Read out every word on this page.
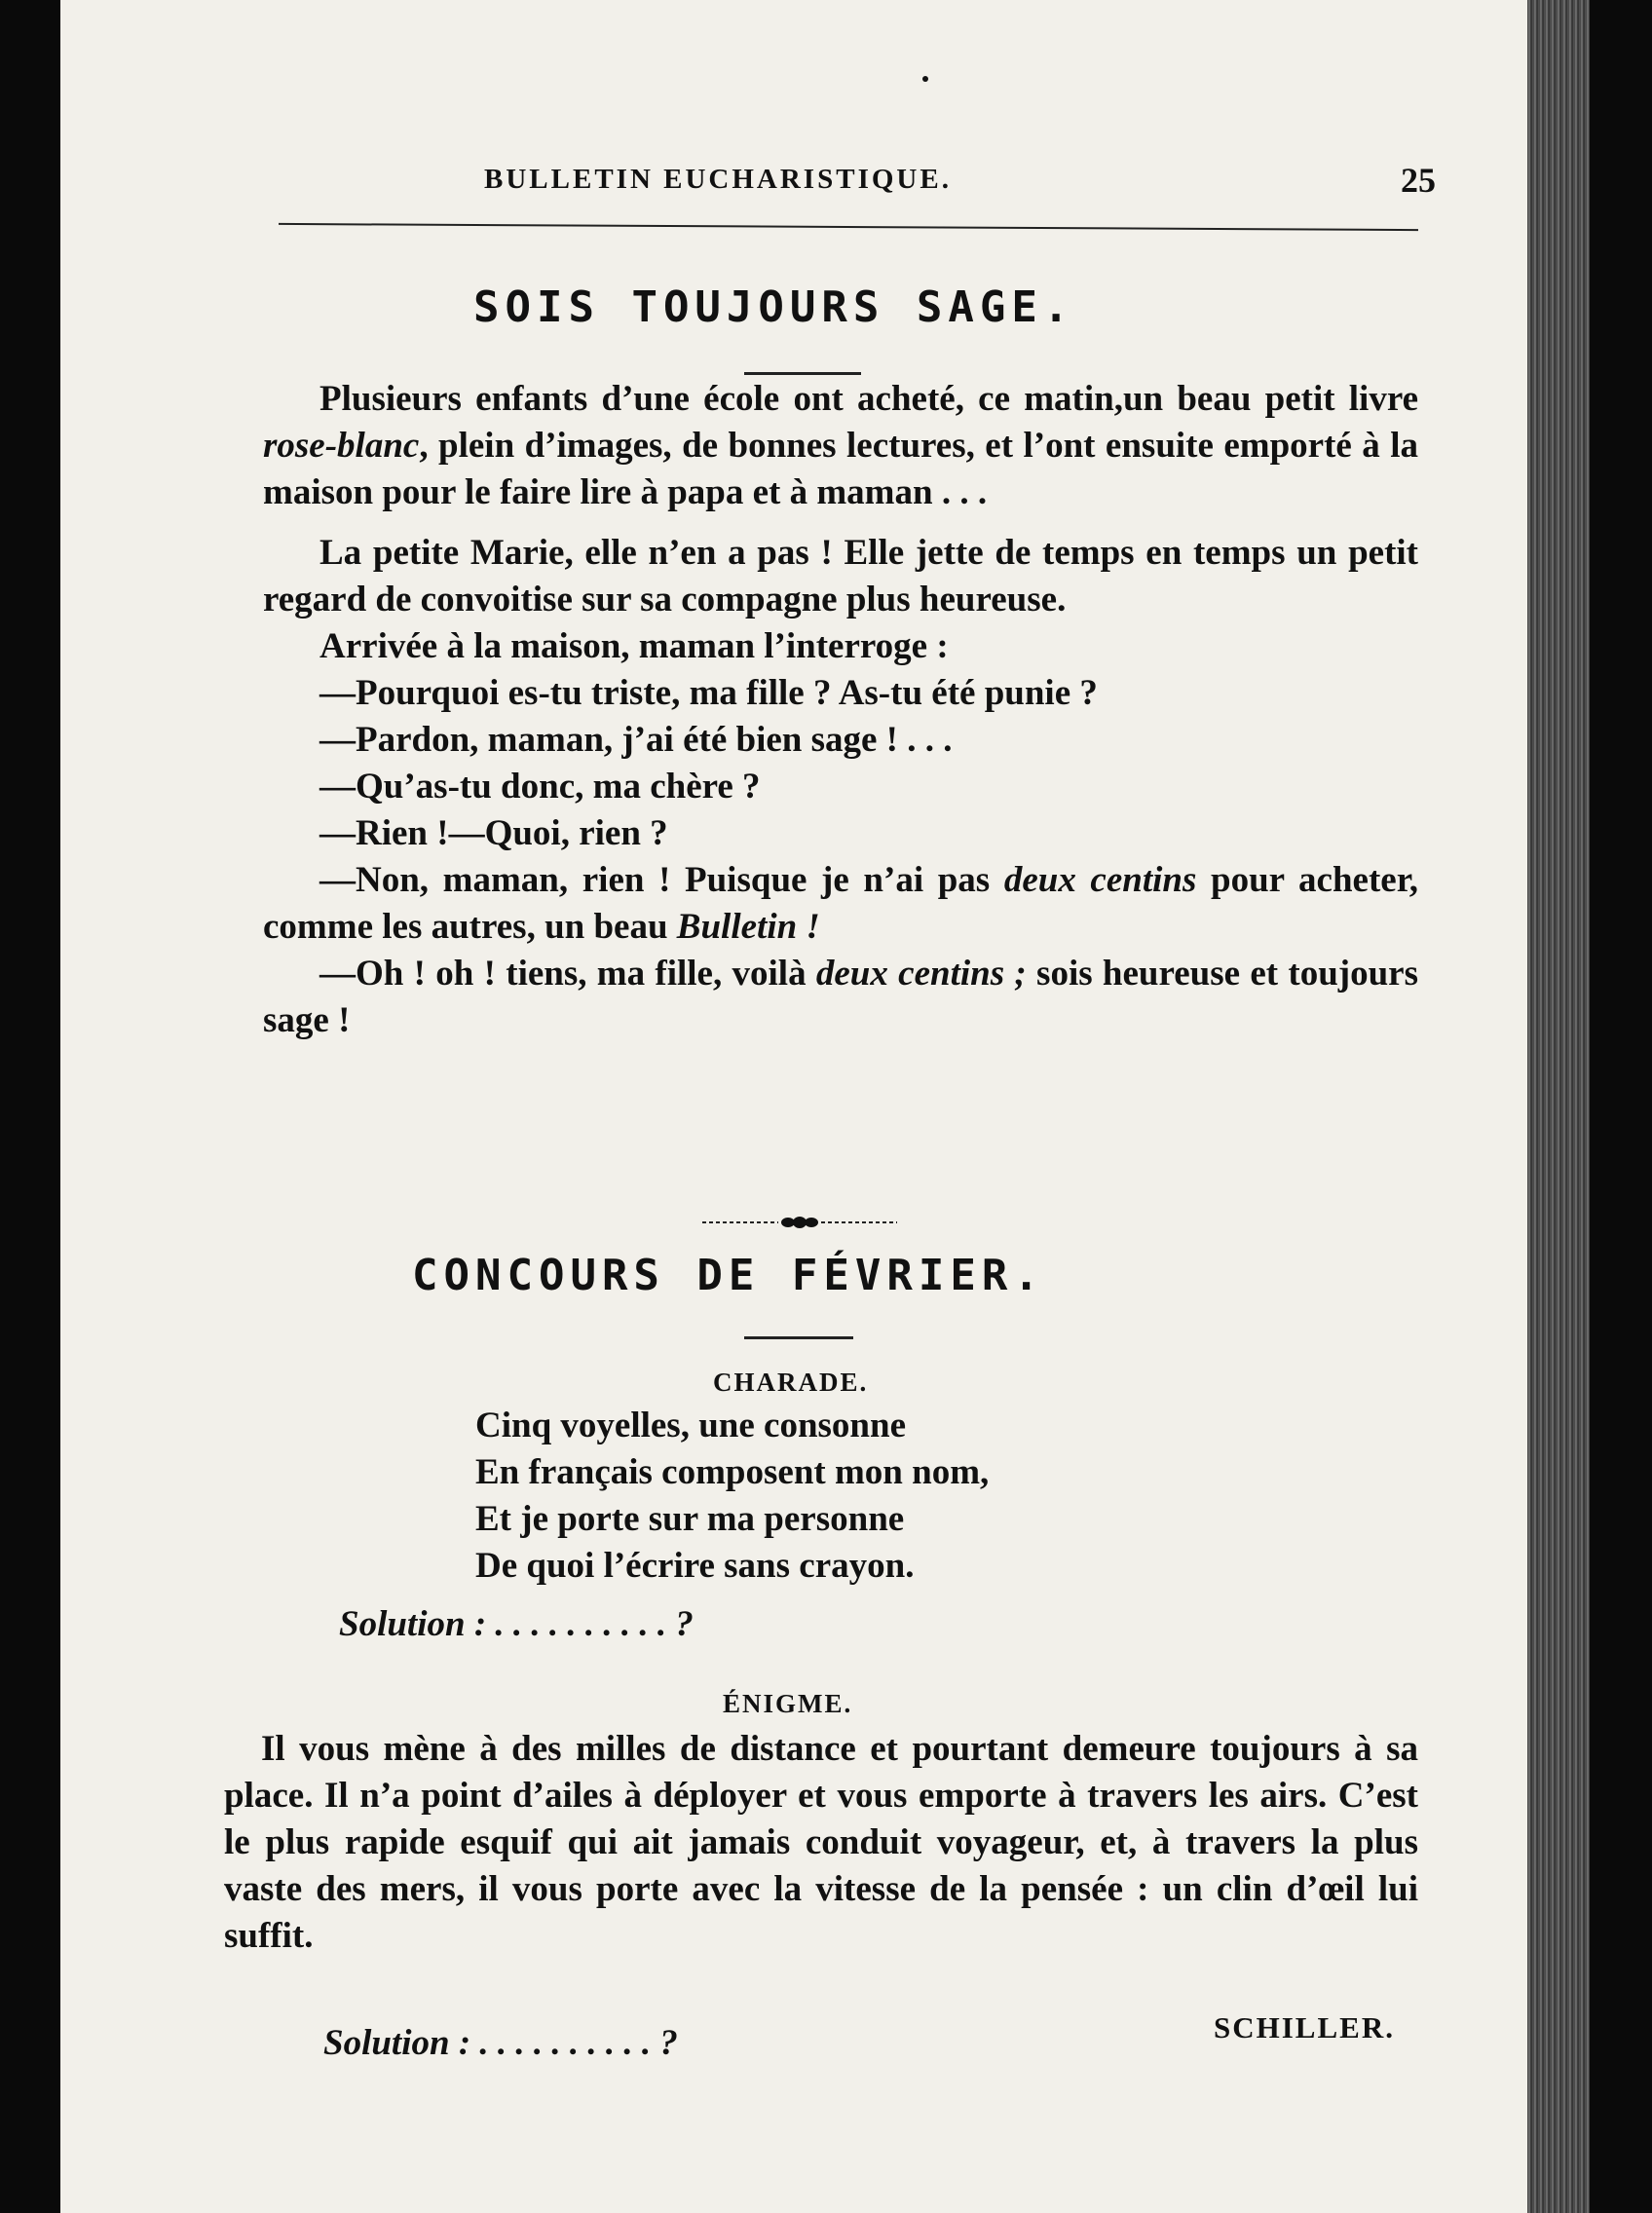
BULLETIN EUCHARISTIQUE.	25
SOIS TOUJOURS SAGE.

Plusieurs enfants d’une école ont acheté, ce matin,un beau petit livre rose-blanc, plein d’images, de bonnes lectures, et l’ont ensuite emporté à la maison pour le faire lire à papa et à maman . . .

La petite Marie, elle n’en a pas ! Elle jette de temps en temps un petit regard de convoitise sur sa compagne plus heureuse.

Arrivée à la maison, maman l’interroge :

—Pourquoi es-tu triste, ma fille ? As-tu été punie ?

—Pardon, maman, j’ai été bien sage ! . . .

—Qu’as-tu donc, ma chère ?

—Rien !—Quoi, rien ?

—Non, maman, rien ! Puisque je n’ai pas deux centins pour acheter, comme les autres, un beau Bulletin !

—Oh ! oh ! tiens, ma fille, voilà deux centins ; sois heureuse et toujours sage !

CONCOURS DE FÉVRIER.
CHARADE.
Cinq voyelles, une consonne
En français composent mon nom,
Et je porte sur ma personne
De quoi l’écrire sans crayon.
Solution : . . . . . . . . . . ?
ÉNIGME.

Il vous mène à des milles de distance et pourtant demeure toujours à sa place. Il n’a point d’ailes à déployer et vous emporte à travers les airs. C’est le plus rapide esquif qui ait jamais conduit voyageur, et, à travers la plus vaste des mers, il vous porte avec la vitesse de la pensée : un clin d’œil lui suffit.

SCHILLER.
Solution : . . . . . . . . . . ?
